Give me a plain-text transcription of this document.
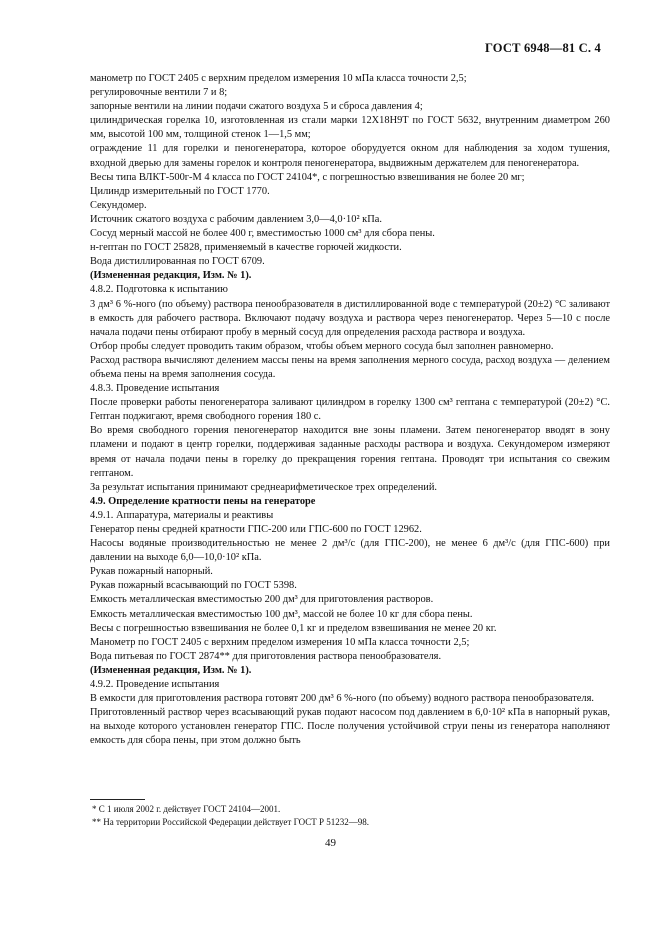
ГОСТ 6948—81 С. 4

манометр по ГОСТ 2405 с верхним пределом измерения 10 мПа класса точности 2,5;

регулировочные вентили 7 и 8;

запорные вентили на линии подачи сжатого воздуха 5 и сброса давления 4;

цилиндрическая горелка 10, изготовленная из стали марки 12Х18Н9Т по ГОСТ 5632, внутренним диаметром 260 мм, высотой 100 мм, толщиной стенок 1—1,5 мм;

ограждение 11 для горелки и пеногенератора, которое оборудуется окном для наблюдения за ходом тушения, входной дверью для замены горелок и контроля пеногенератора, выдвижным держателем для пеногенератора.

Весы типа ВЛКТ-500г-М 4 класса по ГОСТ 24104*, с погрешностью взвешивания не более 20 мг;

Цилиндр измерительный по ГОСТ 1770.

Секундомер.

Источник сжатого воздуха с рабочим давлением 3,0—4,0·10² кПа.

Сосуд мерный массой не более 400 г, вместимостью 1000 см³ для сбора пены.

н-гептан по ГОСТ 25828, применяемый в качестве горючей жидкости.

Вода дистиллированная по ГОСТ 6709.

(Измененная редакция, Изм. № 1).

4.8.2. Подготовка к испытанию

3 дм³ 6 %-ного (по объему) раствора пенообразователя в дистиллированной воде с температурой (20±2) °С заливают в емкость для рабочего раствора. Включают подачу воздуха и раствора через пеногенератор. Через 5—10 с после начала подачи пены отбирают пробу в мерный сосуд для определения расхода раствора и воздуха.

Отбор пробы следует проводить таким образом, чтобы объем мерного сосуда был заполнен равномерно.

Расход раствора вычисляют делением массы пены на время заполнения мерного сосуда, расход воздуха — делением объема пены на время заполнения сосуда.

4.8.3. Проведение испытания

После проверки работы пеногенератора заливают цилиндром в горелку 1300 см³ гептана с температурой (20±2) °С. Гептан поджигают, время свободного горения 180 с.

Во время свободного горения пеногенератор находится вне зоны пламени. Затем пеногенератор вводят в зону пламени и подают в центр горелки, поддерживая заданные расходы раствора и воздуха. Секундомером измеряют время от начала подачи пены в горелку до прекращения горения гептана. Проводят три испытания со свежим гептаном.

За результат испытания принимают среднеарифметическое трех определений.

4.9. Определение кратности пены на генераторе

4.9.1. Аппаратура, материалы и реактивы

Генератор пены средней кратности ГПС-200 или ГПС-600 по ГОСТ 12962.

Насосы водяные производительностью не менее 2 дм³/с (для ГПС-200), не менее 6 дм³/с (для ГПС-600) при давлении на выходе 6,0—10,0·10² кПа.

Рукав пожарный напорный.

Рукав пожарный всасывающий по ГОСТ 5398.

Емкость металлическая вместимостью 200 дм³ для приготовления растворов.

Емкость металлическая вместимостью 100 дм³, массой не более 10 кг для сбора пены.

Весы с погрешностью взвешивания не более 0,1 кг и пределом взвешивания не менее 20 кг.

Манометр по ГОСТ 2405 с верхним пределом измерения 10 мПа класса точности 2,5;

Вода питьевая по ГОСТ 2874** для приготовления раствора пенообразователя.

(Измененная редакция, Изм. № 1).

4.9.2. Проведение испытания

В емкости для приготовления раствора готовят 200 дм³ 6 %-ного (по объему) водного раствора пенообразователя.

Приготовленный раствор через всасывающий рукав подают насосом под давлением в 6,0·10² кПа в напорный рукав, на выходе которого установлен генератор ГПС. После получения устойчивой струи пены из генератора наполняют емкость для сбора пены, при этом должно быть

* С 1 июля 2002 г. действует ГОСТ 24104—2001.
** На территории Российской Федерации действует ГОСТ Р 51232—98.
49
